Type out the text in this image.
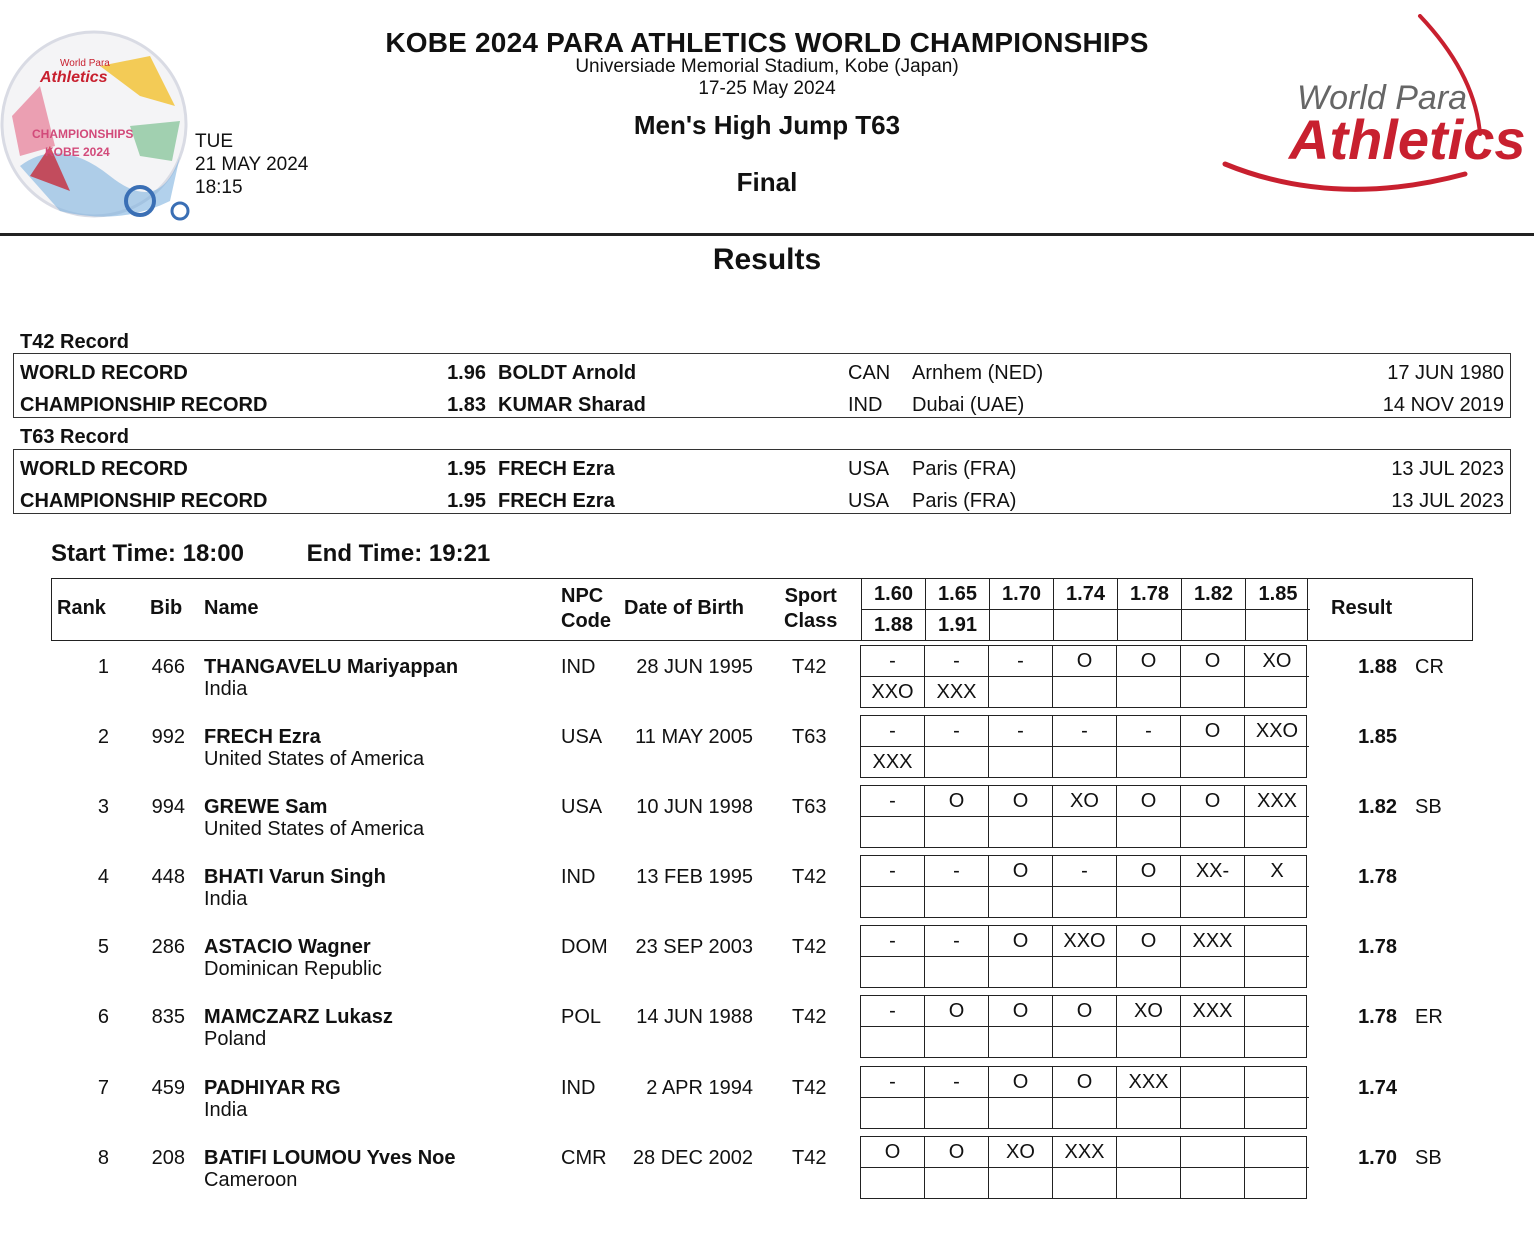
World Para
Athletics
CHAMPIONSHIPS
KOBE 2024
World Para
Athletics
KOBE 2024 PARA ATHLETICS WORLD CHAMPIONSHIPS
Universiade Memorial Stadium, Kobe (Japan)
17-25 May 2024
TUE
21 MAY 2024
18:15
Men's High Jump T63
Final
Results
T42 Record
WORLD RECORD	1.96 BOLDT Arnold	CAN Arnhem (NED)	17 JUN 1980
CHAMPIONSHIP RECORD	1.83 KUMAR Sharad	IND Dubai (UAE)	14 NOV 2019
T63 Record
WORLD RECORD	1.95 FRECH Ezra	USA Paris (FRA)	13 JUL 2023
CHAMPIONSHIP RECORD	1.95 FRECH Ezra	USA Paris (FRA)	13 JUL 2023
Start Time: 18:00	End Time: 19:21
Rank Bib Name
NPC
Code
Date of Birth
Sport
Class
1.60	1.65	1.70	1.74	1.78	1.82	1.85
1.88	1.91
Result
1	466 THANGAVELU Mariyappan
India
IND	28 JUN 1995 T42	1.88 CR
-	-	-	O	O	O	XO
XXO	XXX
2	992 FRECH Ezra
United States of America
USA	11 MAY 2005 T63	1.85
-	-	-	-	-	O	XXO
XXX
3	994 GREWE Sam
United States of America
USA	10 JUN 1998 T63	1.82 SB
-	O	O	XO	O	O	XXX
4	448 BHATI Varun Singh
India
IND	13 FEB 1995 T42	1.78
-	-	O	-	O	XX-	X
5	286 ASTACIO Wagner
Dominican Republic
DOM	23 SEP 2003 T42	1.78
-	-	O	XXO	O	XXX
6	835 MAMCZARZ Lukasz
Poland
POL	14 JUN 1988 T42	1.78 ER
-	O	O	O	XO	XXX
7	459 PADHIYAR RG
India
IND	2 APR 1994 T42	1.74
-	-	O	O	XXX
8	208 BATIFI LOUMOU Yves Noe
Cameroon
CMR	28 DEC 2002 T42	1.70 SB
O	O	XO	XXX
